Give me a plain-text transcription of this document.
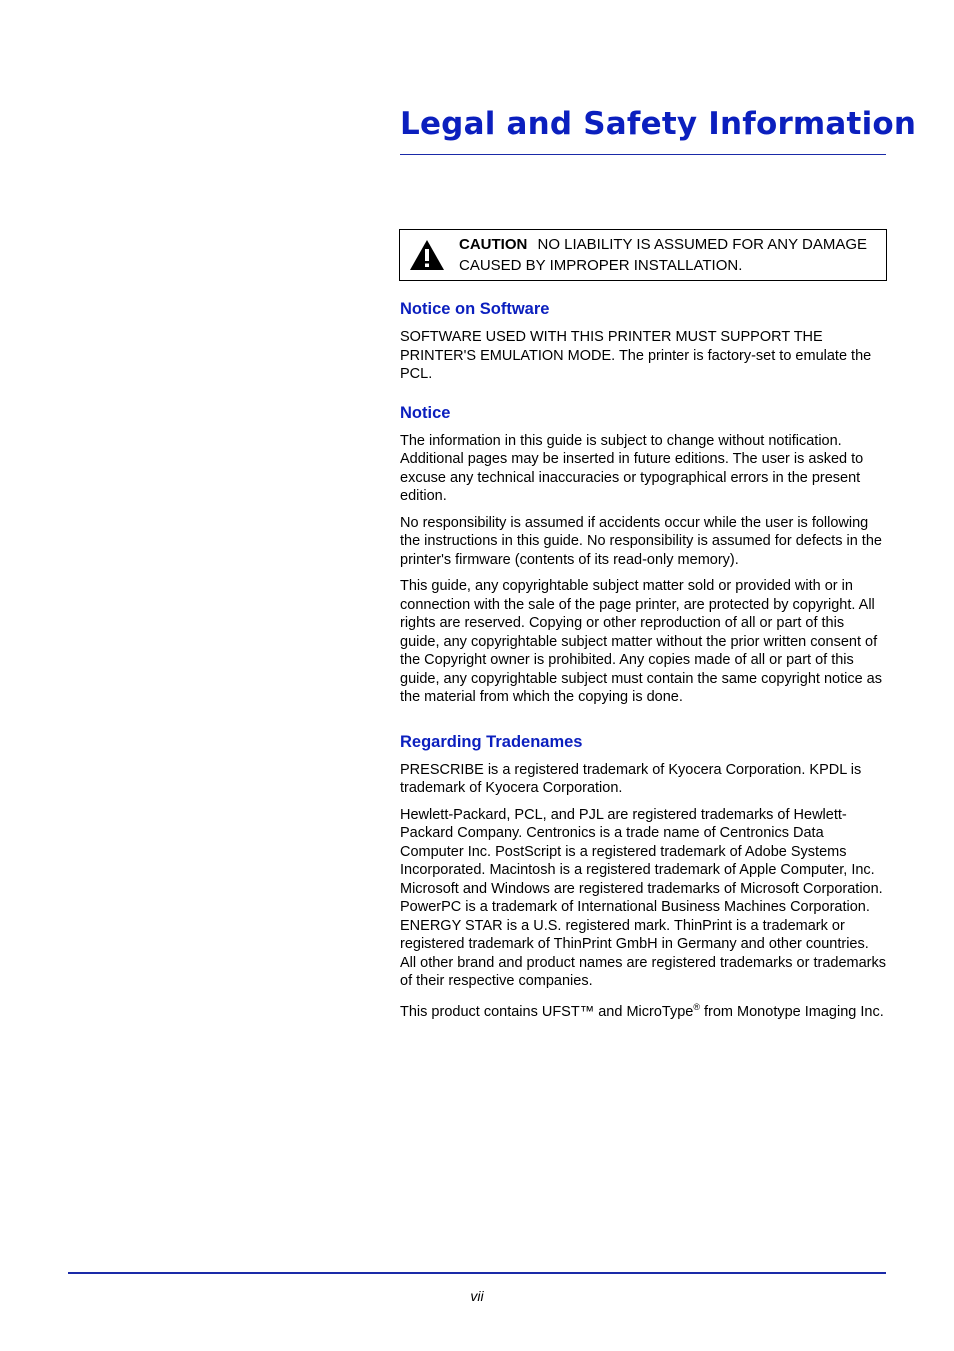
Legal and Safety Information
CAUTION NO LIABILITY IS ASSUMED FOR ANY DAMAGE CAUSED BY IMPROPER INSTALLATION.
Notice on Software

SOFTWARE USED WITH THIS PRINTER MUST SUPPORT THE PRINTER'S EMULATION MODE. The printer is factory-set to emulate the PCL.

Notice

The information in this guide is subject to change without notification. Additional pages may be inserted in future editions. The user is asked to excuse any technical inaccuracies or typographical errors in the present edition.

No responsibility is assumed if accidents occur while the user is following the instructions in this guide. No responsibility is assumed for defects in the printer's firmware (contents of its read-only memory).

This guide, any copyrightable subject matter sold or provided with or in connection with the sale of the page printer, are protected by copyright. All rights are reserved. Copying or other reproduction of all or part of this guide, any copyrightable subject matter without the prior written consent of the Copyright owner is prohibited. Any copies made of all or part of this guide, any copyrightable subject must contain the same copyright notice as the material from which the copying is done.

Regarding Tradenames

PRESCRIBE is a registered trademark of Kyocera Corporation. KPDL is trademark of Kyocera Corporation.

Hewlett-Packard, PCL, and PJL are registered trademarks of Hewlett-Packard Company. Centronics is a trade name of Centronics Data Computer Inc. PostScript is a registered trademark of Adobe Systems Incorporated. Macintosh is a registered trademark of Apple Computer, Inc. Microsoft and Windows are registered trademarks of Microsoft Corporation. PowerPC is a trademark of International Business Machines Corporation. ENERGY STAR is a U.S. registered mark. ThinPrint is a trademark or registered trademark of ThinPrint GmbH in Germany and other countries. All other brand and product names are registered trademarks or trademarks of their respective companies.

This product contains UFST™ and MicroType® from Monotype Imaging Inc.

vii
